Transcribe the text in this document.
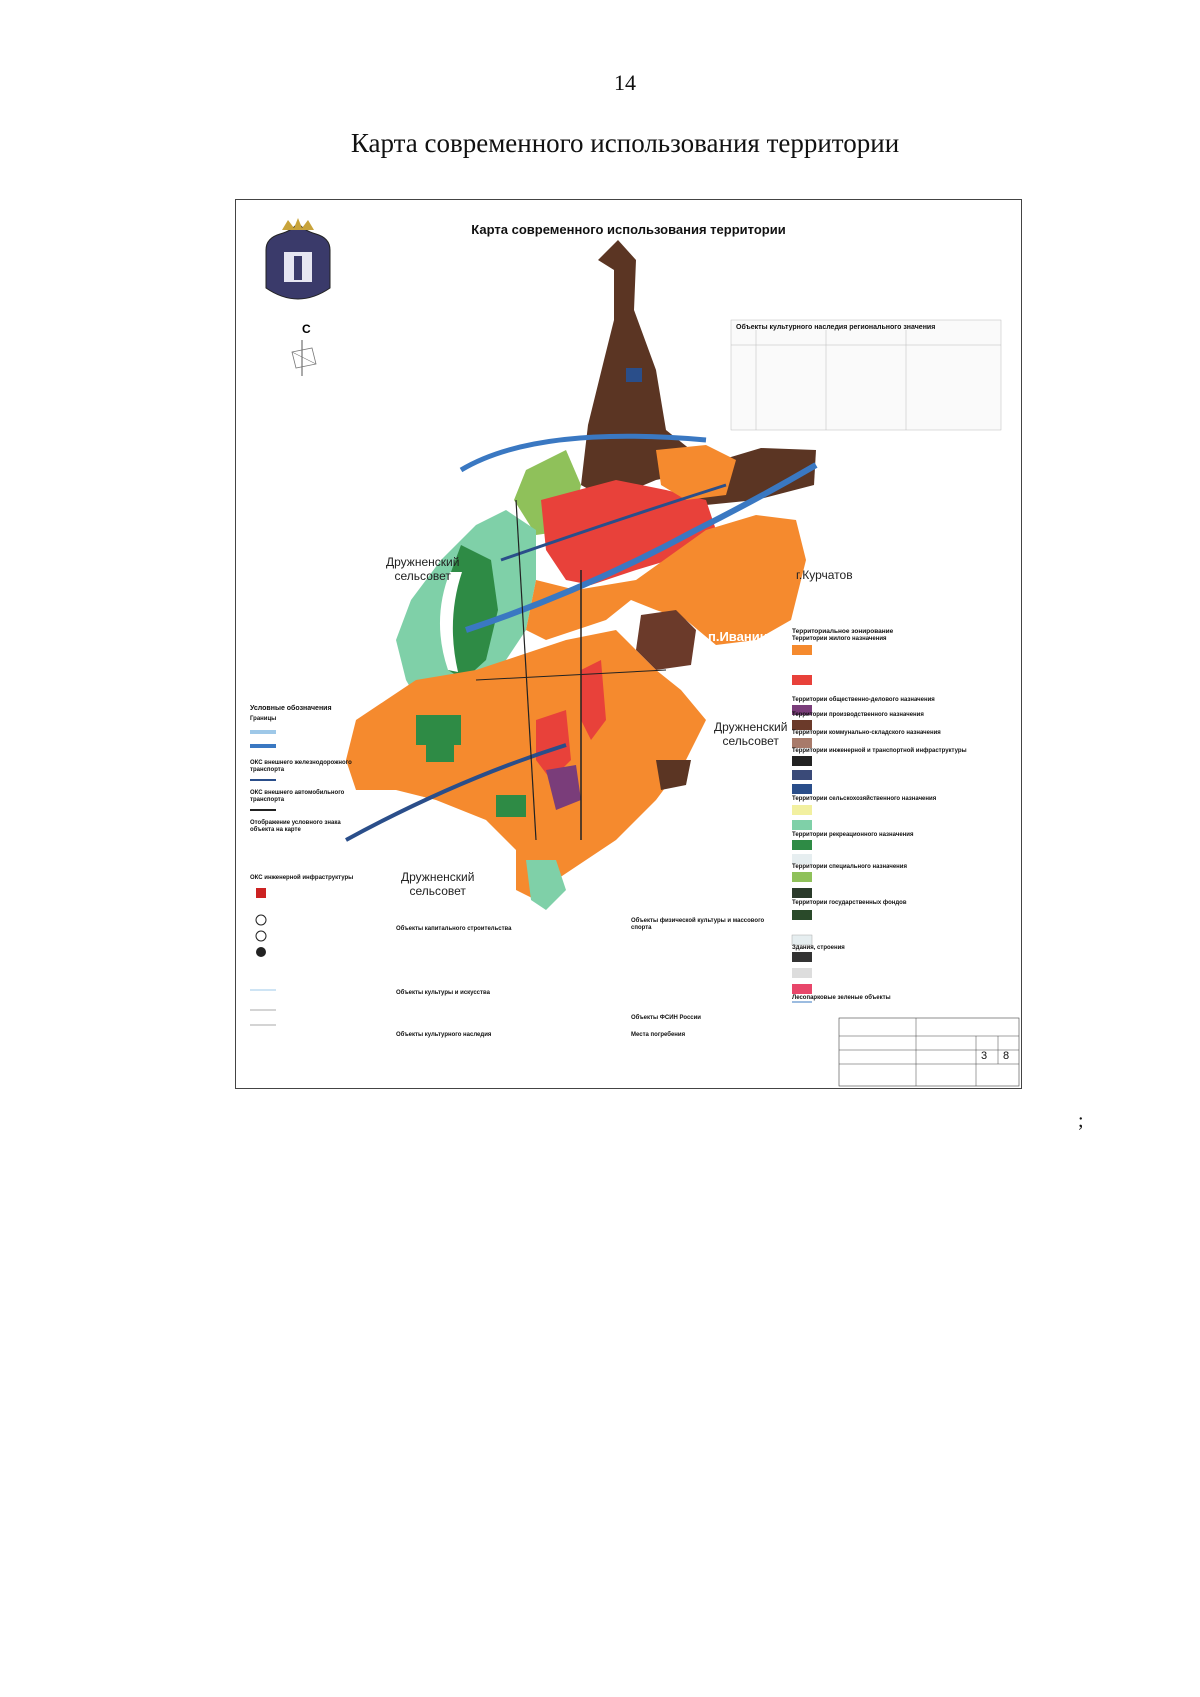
14
Карта современного использования территории
Карта современного использования территории
С
Дружненский
сельсовет	г.Курчатов
п.Иванино
Дружненский
сельсовет
Дружненский
сельсовет
Объекты культурного наследия регионального значения
Условные обозначения
Границы
ОКС внешнего железнодорожного транспорта
ОКС внешнего автомобильного транспорта
Отображение условного знака объекта на карте
ОКС инженерной инфраструктуры
Объекты капитального строительства
Объекты культуры и искусства
Объекты культурного наследия
Объекты физической культуры и массового спорта
Объекты ФСИН России
Места погребения
Территориальное зонирование
Территории жилого назначения
Территории общественно-делового назначения
Территории производственного назначения
Территории коммунально-складского назначения
Территории инженерной и транспортной инфраструктуры
Территории сельскохозяйственного назначения
Территории рекреационного назначения
Территории специального назначения
Территории государственных фондов
Здания, строения
Лесопарковые зеленые объекты
3 8
;
